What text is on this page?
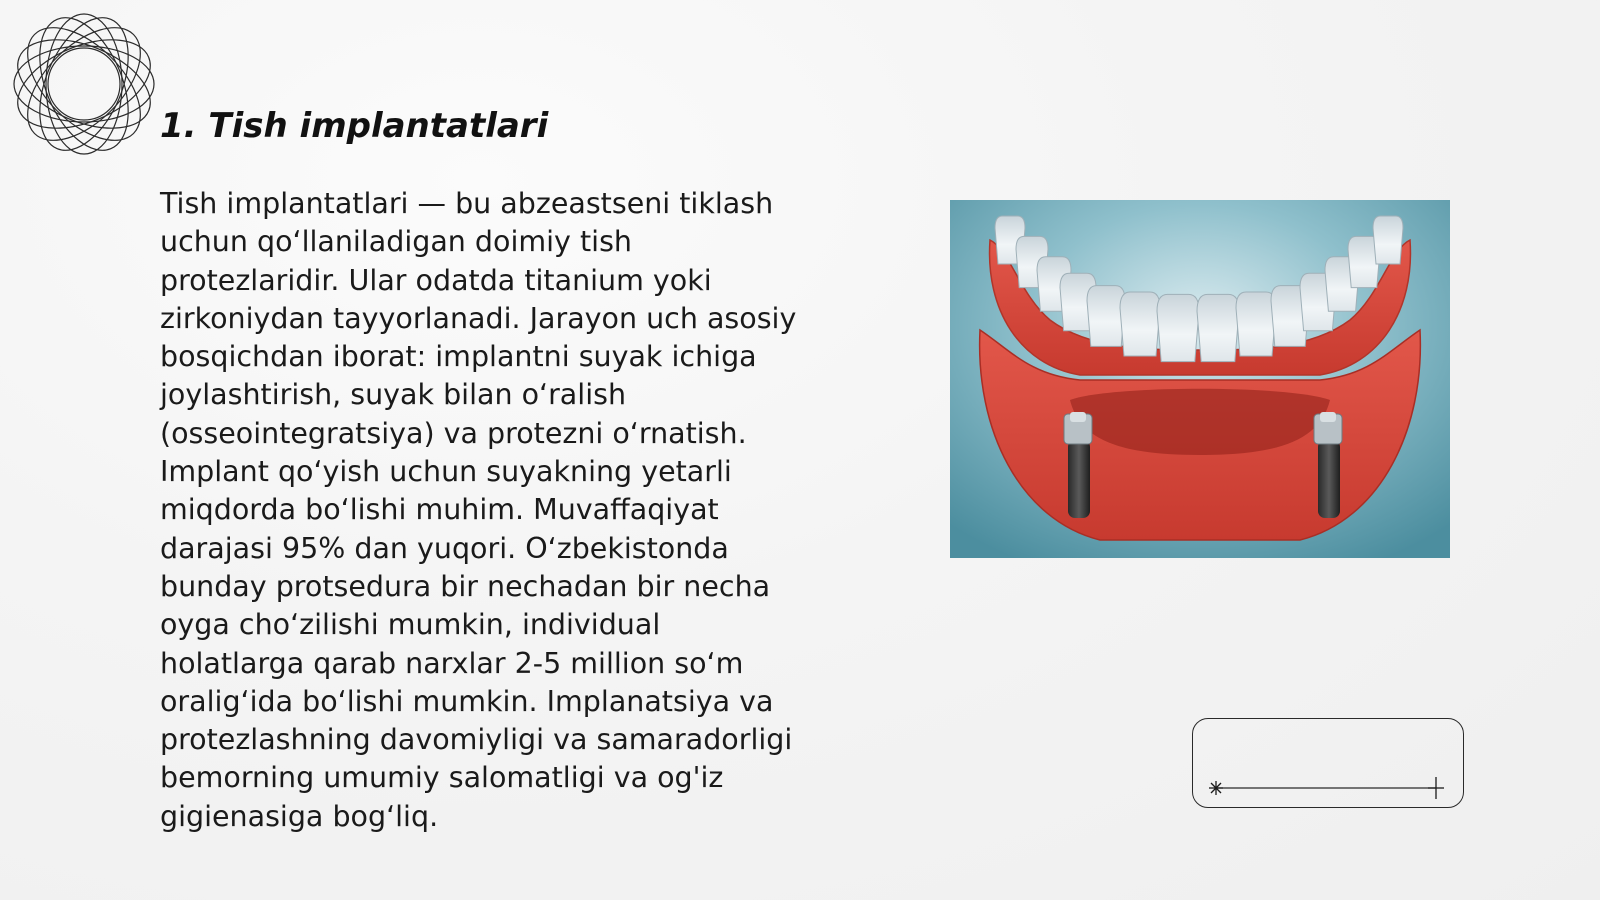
1. Tish implantatlari
Tish implantatlari — bu abzeastseni tiklash
uchun qoʻllaniladigan doimiy tish
protezlaridir. Ular odatda titanium yoki
zirkoniydan tayyorlanadi. Jarayon uch asosiy
bosqichdan iborat: implantni suyak ichiga
joylashtirish, suyak bilan oʻralish
(osseointegratsiya) va protezni oʻrnatish.
Implant qoʻyish uchun suyakning yetarli
miqdorda boʻlishi muhim. Muvaffaqiyat
darajasi 95% dan yuqori. Oʻzbekistonda
bunday protsedura bir nechadan bir necha
oyga choʻzilishi mumkin, individual
holatlarga qarab narxlar 2-5 million soʻm
oraligʻida boʻlishi mumkin. Implanatsiya va
protezlashning davomiyligi va samaradorligi
bemorning umumiy salomatligi va og'iz
gigienasiga bogʻliq.
